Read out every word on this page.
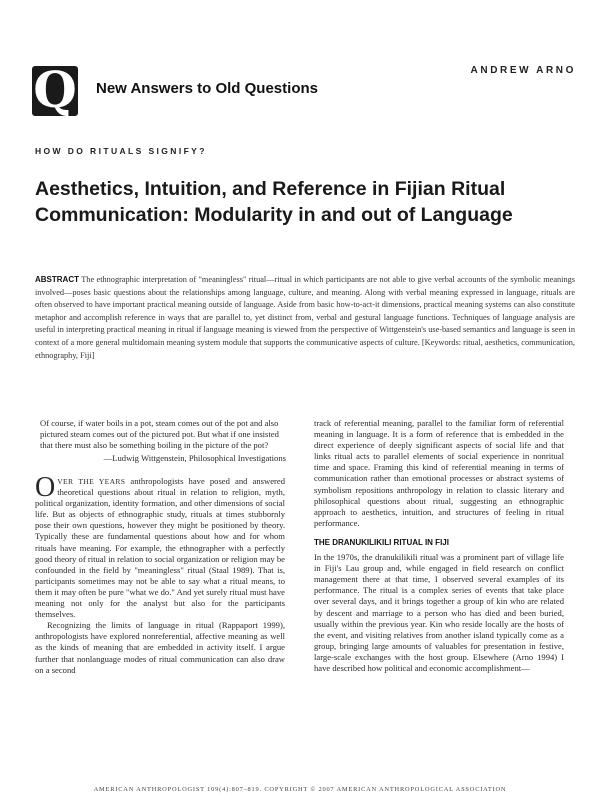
Q New Answers to Old Questions
ANDREW ARNO
HOW DO RITUALS SIGNIFY?
Aesthetics, Intuition, and Reference in Fijian Ritual Communication: Modularity in and out of Language
ABSTRACT The ethnographic interpretation of "meaningless" ritual—ritual in which participants are not able to give verbal accounts of the symbolic meanings involved—poses basic questions about the relationships among language, culture, and meaning. Along with verbal meaning expressed in language, rituals are often observed to have important practical meaning outside of language. Aside from basic how-to-act-it dimensions, practical meaning systems can also constitute metaphor and accomplish reference in ways that are parallel to, yet distinct from, verbal and gestural language functions. Techniques of language analysis are useful in interpreting practical meaning in ritual if language meaning is viewed from the perspective of Wittgenstein's use-based semantics and language is seen in context of a more general multidomain meaning system module that supports the communicative aspects of culture. [Keywords: ritual, aesthetics, communication, ethnography, Fiji]
Of course, if water boils in a pot, steam comes out of the pot and also pictured steam comes out of the pictured pot. But what if one insisted that there must also be something boiling in the picture of the pot?
—Ludwig Wittgenstein, Philosophical Investigations

OVER THE YEARS anthropologists have posed and answered theoretical questions about ritual in relation to religion, myth, political organization, identity formation, and other dimensions of social life. But as objects of ethnographic study, rituals at times stubbornly pose their own questions, however they might be positioned by theory. Typically these are fundamental questions about how and for whom rituals have meaning. For example, the ethnographer with a perfectly good theory of ritual in relation to social organization or religion may be confounded in the field by "meaningless" ritual (Staal 1989). That is, participants sometimes may not be able to say what a ritual means, to them it may often be pure "what we do." And yet surely ritual must have meaning not only for the analyst but also for the participants themselves.

Recognizing the limits of language in ritual (Rappaport 1999), anthropologists have explored nonreferential, affective meaning as well as the kinds of meaning that are embedded in activity itself. I argue further that nonlanguage modes of ritual communication can also draw on a second

track of referential meaning, parallel to the familiar form of referential meaning in language. It is a form of reference that is embedded in the direct experience of deeply significant aspects of social life and that links ritual acts to parallel elements of social experience in nonritual time and space. Framing this kind of referential meaning in terms of communication rather than emotional processes or abstract systems of symbolism repositions anthropology in relation to classic literary and philosophical questions about ritual, suggesting an ethnographic approach to aesthetics, intuition, and structures of feeling in ritual performance.

THE DRANUKILIKILI RITUAL IN FIJI

In the 1970s, the dranukilikili ritual was a prominent part of village life in Fiji's Lau group and, while engaged in field research on conflict management there at that time, I observed several examples of its performance. The ritual is a complex series of events that take place over several days, and it brings together a group of kin who are related by descent and marriage to a person who has died and been buried, usually within the previous year. Kin who reside locally are the hosts of the event, and visiting relatives from another island typically come as a group, bringing large amounts of valuables for presentation in festive, large-scale exchanges with the host group. Elsewhere (Arno 1994) I have described how political and economic accomplishment—

AMERICAN ANTHROPOLOGIST 109(4):807–819. COPYRIGHT © 2007 AMERICAN ANTHROPOLOGICAL ASSOCIATION
